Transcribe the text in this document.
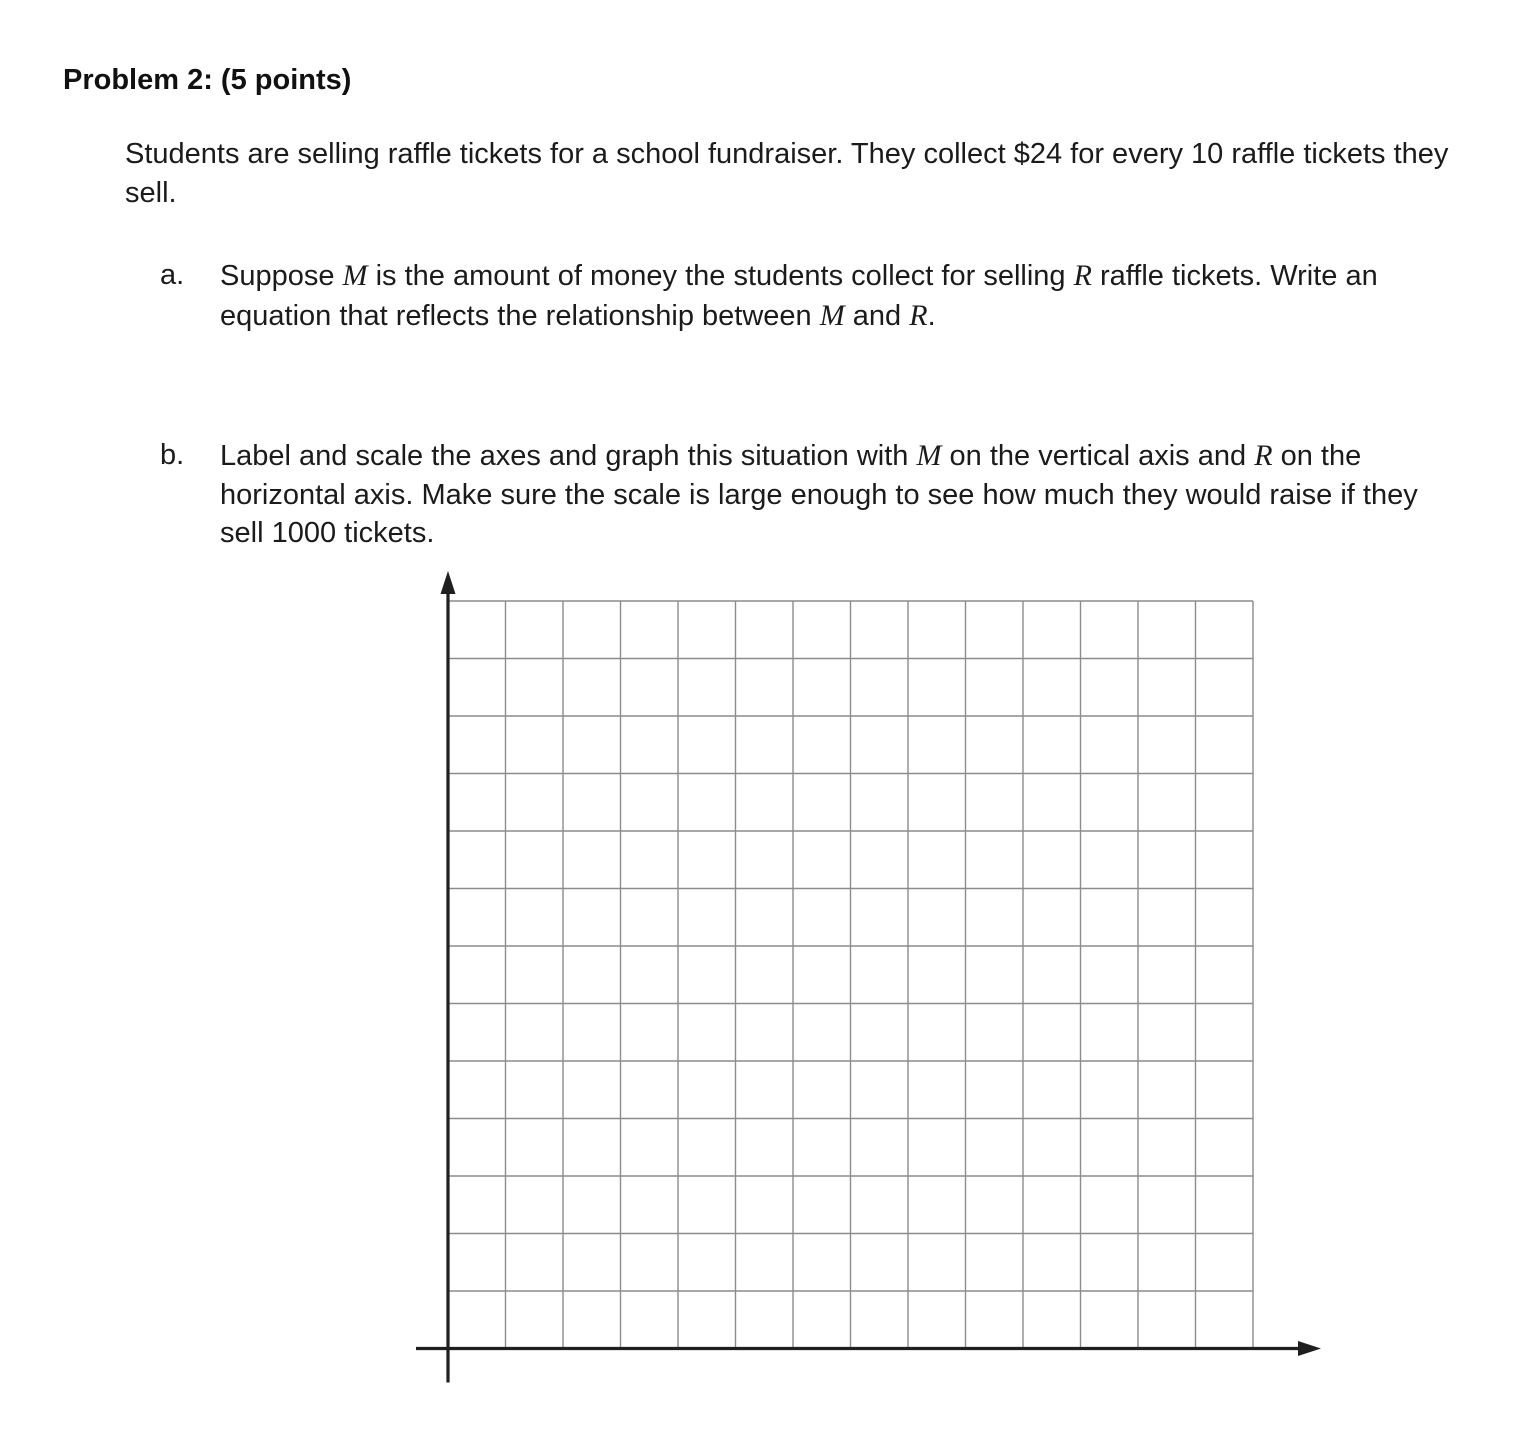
Problem 2: (5 points)

Students are selling raffle tickets for a school fundraiser. They collect $24 for every 10 raffle tickets they sell.

a.	Suppose M is the amount of money the students collect for selling R raffle tickets. Write an equation that reflects the relationship between M and R.
b.	Label and scale the axes and graph this situation with M on the vertical axis and R on the horizontal axis. Make sure the scale is large enough to see how much they would raise if they sell 1000 tickets.
